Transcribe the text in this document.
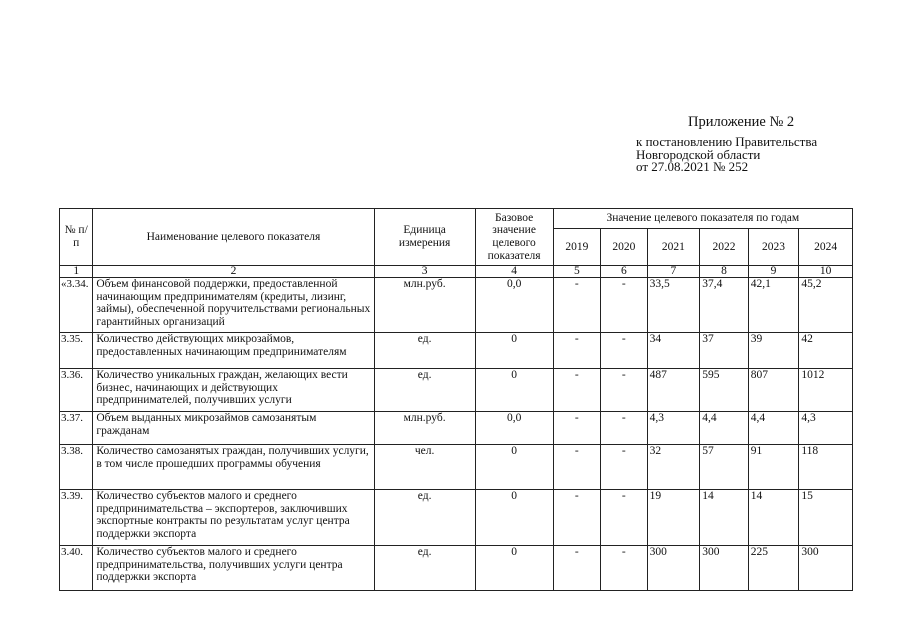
Приложение № 2
к постановлению Правительства
Новгородской области
от 27.08.2021 № 252
№ п/п	Наименование целевого показателя	Единица измерения	Базовое значение целевого показателя	Значение целевого показателя по годам					
				2019	2020	2021	2022	2023	2024
1	2	3	4	5	6	7	8	9	10
«3.34.	Объем финансовой поддержки, предоставленной начинающим предпринимателям (кредиты, лизинг, займы), обеспеченной поручительствами региональных гарантийных организаций	млн.руб.	0,0	-	-	33,5	37,4	42,1	45,2
3.35.	Количество действующих микрозаймов, предоставленных начинающим предпринимателям	ед.	0	-	-	34	37	39	42
3.36.	Количество уникальных граждан, желающих вести бизнес, начинающих и действующих предпринимателей, получивших услуги	ед.	0	-	-	487	595	807	1012
3.37.	Объем выданных микрозаймов самозанятым гражданам	млн.руб.	0,0	-	-	4,3	4,4	4,4	4,3
3.38.	Количество самозанятых граждан, получивших услуги, в том числе прошедших программы обучения	чел.	0	-	-	32	57	91	118
3.39.	Количество субъектов малого и среднего предпринимательства – экспортеров, заключивших экспортные контракты по результатам услуг центра поддержки экспорта	ед.	0	-	-	19	14	14	15
3.40.	Количество субъектов малого и среднего предпринимательства, получивших услуги центра поддержки экспорта	ед.	0	-	-	300	300	225	300
